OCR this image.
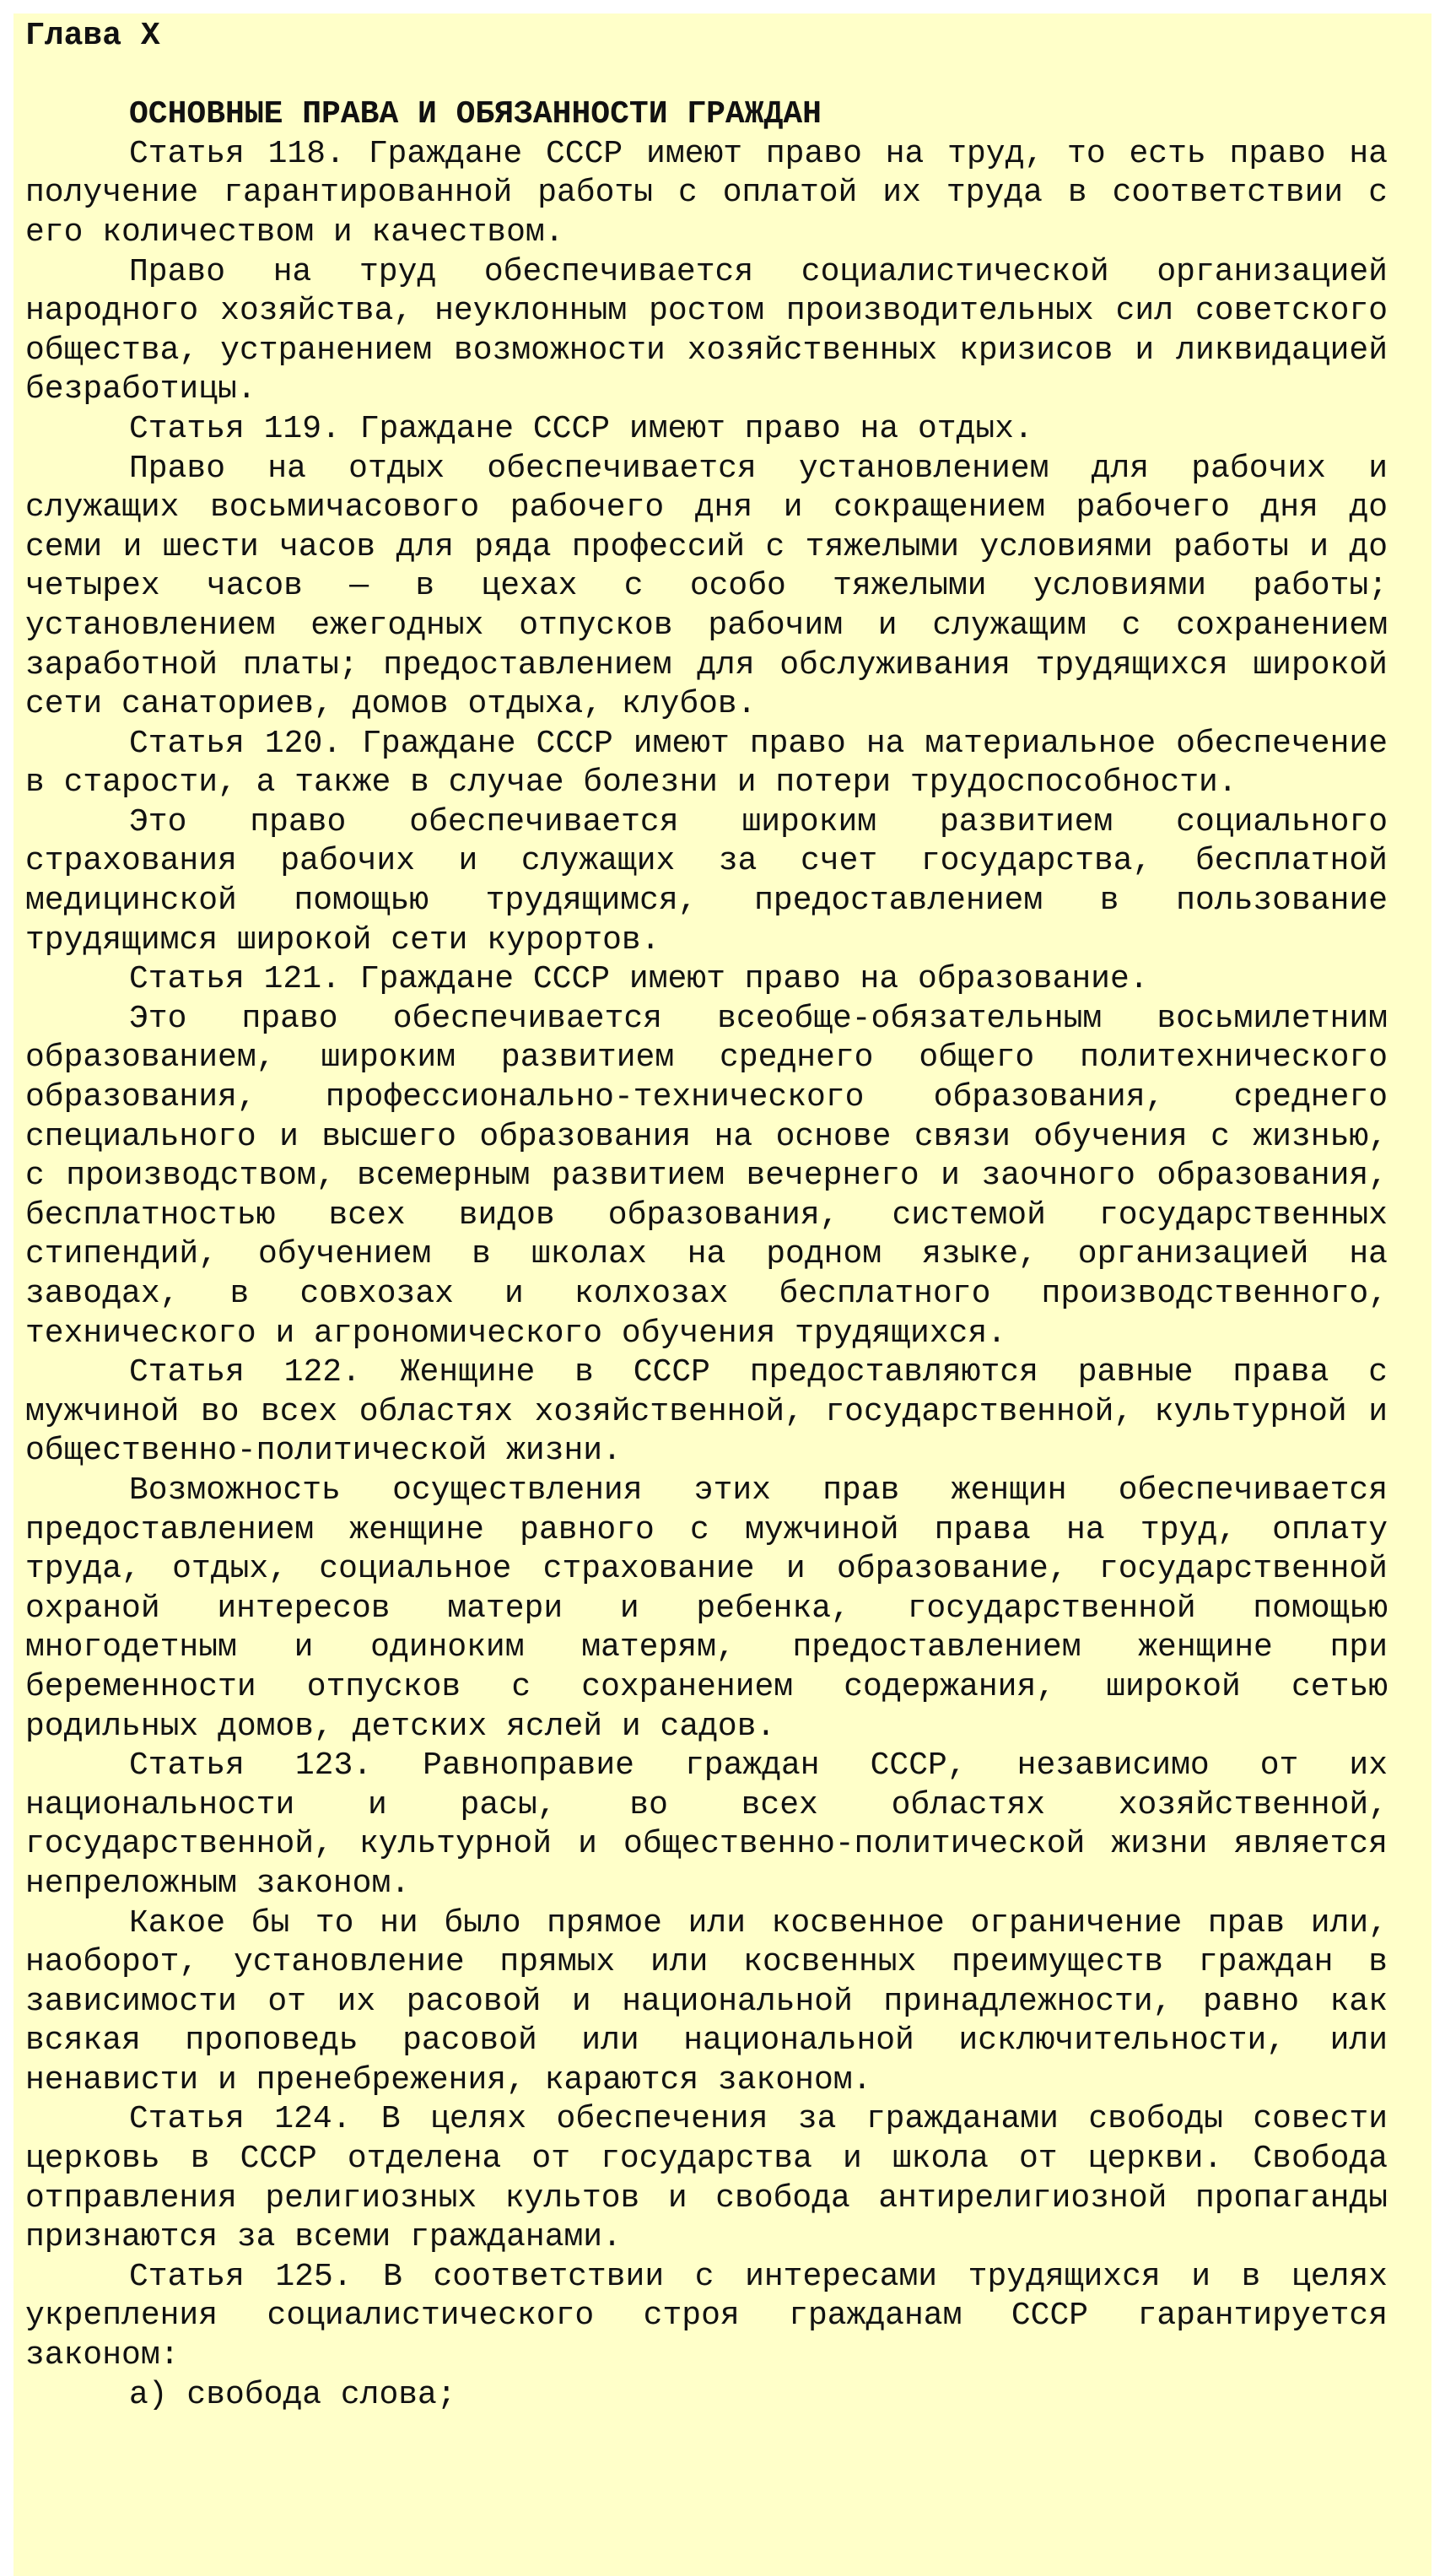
Глава X

ОСНОВНЫЕ ПРАВА И ОБЯЗАННОСТИ ГРАЖДАН

Статья 118. Граждане СССР имеют право на труд, то есть право на получение гарантированной работы с оплатой их труда в соответствии с его количеством и качеством.

Право на труд обеспечивается социалистической организацией народного хозяйства, неуклонным ростом производительных сил советского общества, устранением возможности хозяйственных кризисов и ликвидацией безработицы.

Статья 119. Граждане СССР имеют право на отдых.

Право на отдых обеспечивается установлением для рабочих и служащих восьмичасового рабочего дня и сокращением рабочего дня до семи и шести часов для ряда профессий с тяжелыми условиями работы и до четырех часов — в цехах с особо тяжелыми условиями работы; установлением ежегодных отпусков рабочим и служащим с сохранением заработной платы; предоставлением для обслуживания трудящихся широкой сети санаториев, домов отдыха, клубов.

Статья 120. Граждане СССР имеют право на материальное обеспечение в старости, а также в случае болезни и потери трудоспособности.

Это право обеспечивается широким развитием социального страхования рабочих и служащих за счет государства, бесплатной медицинской помощью трудящимся, предоставлением в пользование трудящимся широкой сети курортов.

Статья 121. Граждане СССР имеют право на образование.

Это право обеспечивается всеобще-обязательным восьмилетним образованием, широким развитием среднего общего политехнического образования, профессионально-технического образования, среднего специального и высшего образования на основе связи обучения с жизнью, с производством, всемерным развитием вечернего и заочного образования, бесплатностью всех видов образования, системой государственных стипендий, обучением в школах на родном языке, организацией на заводах, в совхозах и колхозах бесплатного производственного, технического и агрономического обучения трудящихся.

Статья 122. Женщине в СССР предоставляются равные права с мужчиной во всех областях хозяйственной, государственной, культурной и общественно-политической жизни.

Возможность осуществления этих прав женщин обеспечивается предоставлением женщине равного с мужчиной права на труд, оплату труда, отдых, социальное страхование и образование, государственной охраной интересов матери и ребенка, государственной помощью многодетным и одиноким матерям, предоставлением женщине при беременности отпусков с сохранением содержания, широкой сетью родильных домов, детских яслей и садов.

Статья 123. Равноправие граждан СССР, независимо от их национальности и расы, во всех областях хозяйственной, государственной, культурной и общественно-политической жизни является непреложным законом.

Какое бы то ни было прямое или косвенное ограничение прав или, наоборот, установление прямых или косвенных преимуществ граждан в зависимости от их расовой и национальной принадлежности, равно как всякая проповедь расовой или национальной исключительности, или ненависти и пренебрежения, караются законом.

Статья 124. В целях обеспечения за гражданами свободы совести церковь в СССР отделена от государства и школа от церкви. Свобода отправления религиозных культов и свобода антирелигиозной пропаганды признаются за всеми гражданами.

Статья 125. В соответствии с интересами трудящихся и в целях укрепления социалистического строя гражданам СССР гарантируется законом:

а) свобода слова;
